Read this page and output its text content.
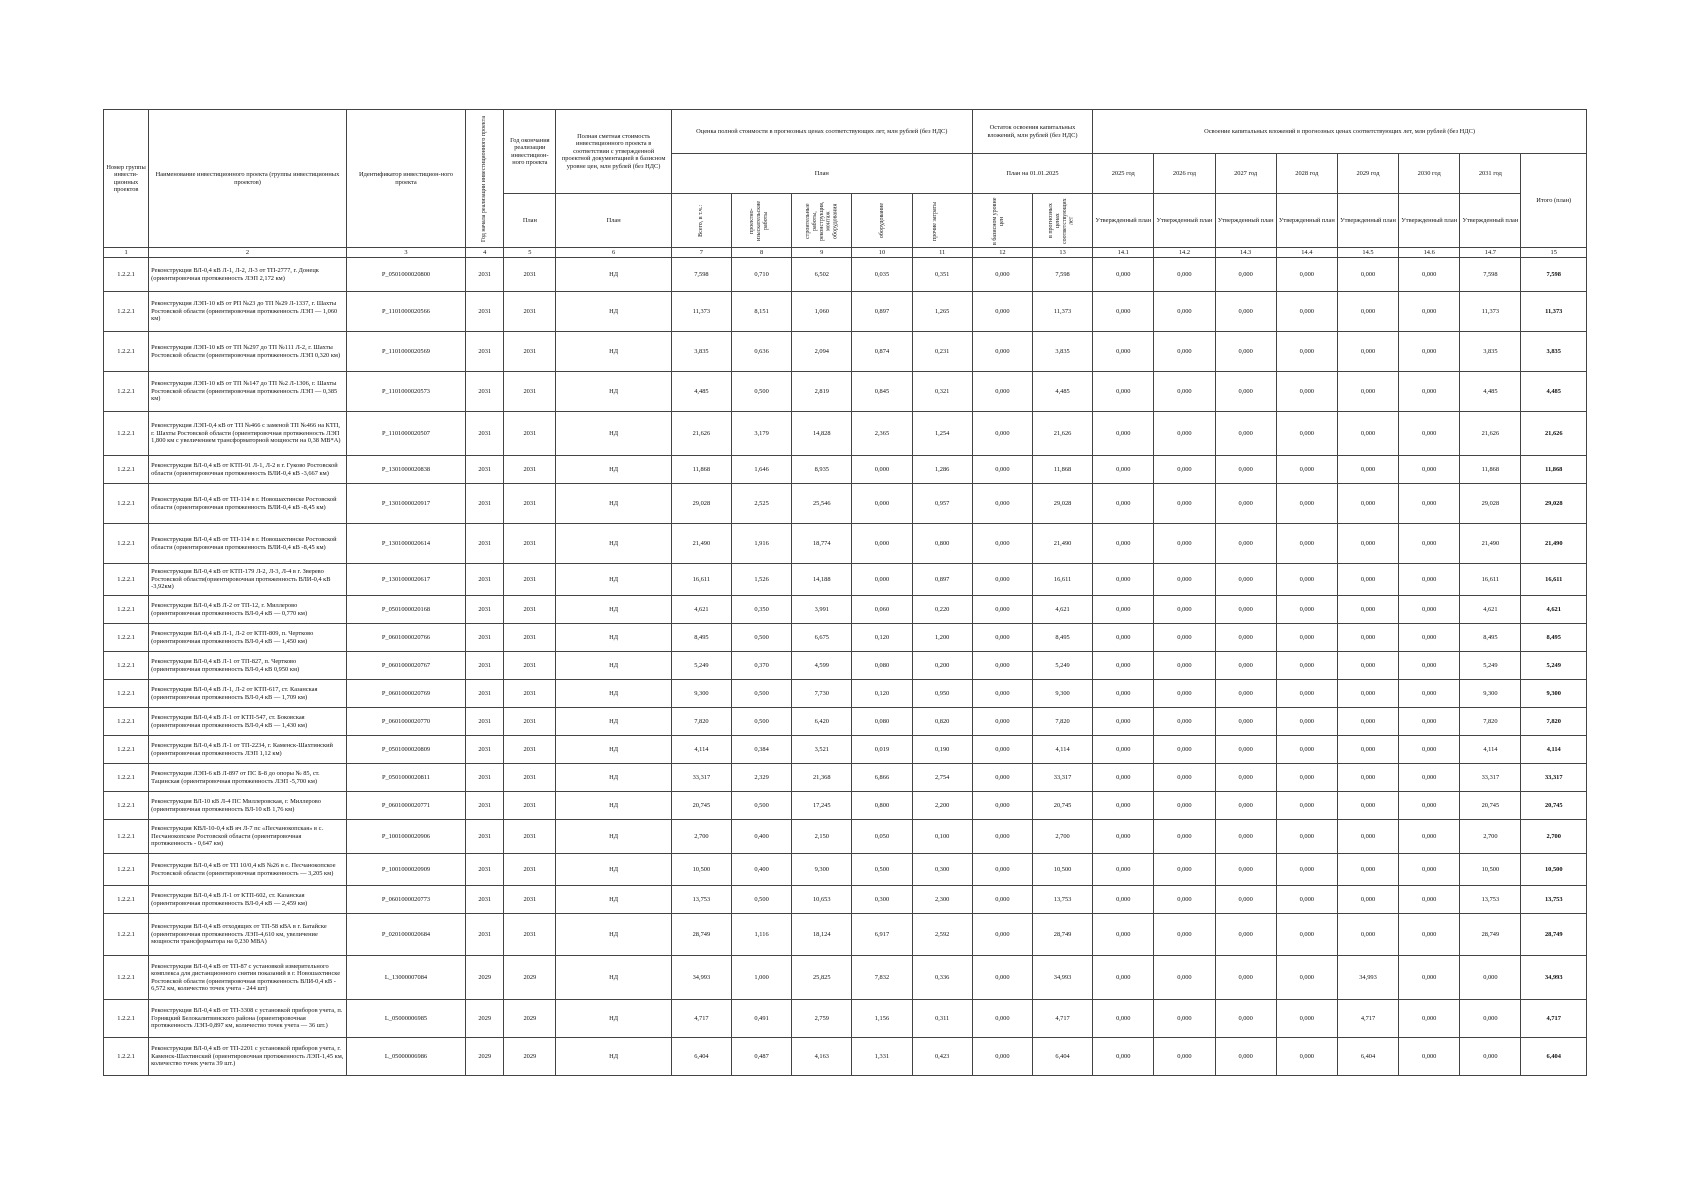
Номер группы инвести-ционных проектов	Наименование инвестиционного проекта (группы инвестиционных проектов)	Идентификатор инвестицион-ного проекта	Год начала реализации инвестиционного проекта	Год окончания реализации инвестицион-ного проекта	Полная сметная стоимость инвестиционного проекта в соответствии с утвержденной проектной документацией в базисном уровне цен, млн рублей (без НДС)	Оценка полной стоимости в прогнозных ценах соответствующих лет, млн рублей (без НДС)					Остаток освоения капитальных вложений, млн рублей (без НДС)		Освоение капитальных вложений в прогнозных ценах соответствующих лет, млн рублей (без НДС)							
						План					План на 01.01.2025		2025 год	2026 год	2027 год	2028 год	2029 год	2030 год	2031 год	Итого (план)
				План	План	Всего, в т.ч.:	проектно-изыскательские работы	строительные работы, реконструкция, монтаж оборудования	оборудование	прочие затраты	в базисном уровне цен	в прогнозных ценах соответствующих лет	Утвержденный план	Утвержденный план	Утвержденный план	Утвержденный план	Утвержденный план	Утвержденный план	Утвержденный план	
1	2	3	4	5	6	7	8	9	10	11	12	13	14.1	14.2	14.3	14.4	14.5	14.6	14.7	15
1.2.2.1	Реконструкция ВЛ-0,4 кВ Л-1, Л-2, Л-3 от ТП-2777, г. Донецк (ориентировочная протяженность ЛЭП 2,172 км)	P_0501000020800	2031	2031	НД	7,598	0,710	6,502	0,035	0,351	0,000	7,598	0,000	0,000	0,000	0,000	0,000	0,000	7,598	7,598
1.2.2.1	Реконструкция ЛЭП-10 кВ от РП №23 до ТП №29 Л-1337, г. Шахты Ростовской области (ориентировочная протяженность ЛЭП — 1,060 км)	P_1101000020566	2031	2031	НД	11,373	8,151	1,060	0,897	1,265	0,000	11,373	0,000	0,000	0,000	0,000	0,000	0,000	11,373	11,373
1.2.2.1	Реконструкция ЛЭП-10 кВ от ТП №297 до ТП №111 Л-2, г. Шахты Ростовской области (ориентировочная протяженность ЛЭП 0,320 км)	P_1101000020569	2031	2031	НД	3,835	0,636	2,094	0,874	0,231	0,000	3,835	0,000	0,000	0,000	0,000	0,000	0,000	3,835	3,835
1.2.2.1	Реконструкция ЛЭП-10 кВ от ТП №147 до ТП №2 Л-1306, г. Шахты Ростовской области (ориентировочная протяженность ЛЭП — 0,385 км)	P_1101000020573	2031	2031	НД	4,485	0,500	2,819	0,845	0,321	0,000	4,485	0,000	0,000	0,000	0,000	0,000	0,000	4,485	4,485
1.2.2.1	Реконструкция ЛЭП-0,4 кВ от ТП №466 с заменой ТП №466 на КТП, г. Шахты Ростовской области (ориентировочная протяженность ЛЭП 1,800 км с увеличением трансформаторной мощности на 0,38 МВ*А)	P_1101000020507	2031	2031	НД	21,626	3,179	14,828	2,365	1,254	0,000	21,626	0,000	0,000	0,000	0,000	0,000	0,000	21,626	21,626
1.2.2.1	Реконструкция ВЛ-0,4 кВ от КТП-91 Л-1, Л-2 в г. Гуково Ростовской области (ориентировочная протяженность ВЛИ-0,4 кВ -3,667 км)	P_1301000020838	2031	2031	НД	11,868	1,646	8,935	0,000	1,286	0,000	11,868	0,000	0,000	0,000	0,000	0,000	0,000	11,868	11,868
1.2.2.1	Реконструкция ВЛ-0,4 кВ от ТП-114 в г. Новошахтинске Ростовской области (ориентировочная протяженность ВЛИ-0,4 кВ -8,45 км)	P_1301000020917	2031	2031	НД	29,028	2,525	25,546	0,000	0,957	0,000	29,028	0,000	0,000	0,000	0,000	0,000	0,000	29,028	29,028
1.2.2.1	Реконструкция ВЛ-0,4 кВ от ТП-114 в г. Новошахтинске Ростовской области (ориентировочная протяженность ВЛИ-0,4 кВ -8,45 км)	P_1301000020614	2031	2031	НД	21,490	1,916	18,774	0,000	0,800	0,000	21,490	0,000	0,000	0,000	0,000	0,000	0,000	21,490	21,490
1.2.2.1	Реконструкция ВЛ-0,4 кВ от КТП-179 Л-2, Л-3, Л-4 в г. Зверево Ростовской области(ориентировочная протяженность ВЛИ-0,4 кВ -3,92км)	P_1301000020617	2031	2031	НД	16,611	1,526	14,188	0,000	0,897	0,000	16,611	0,000	0,000	0,000	0,000	0,000	0,000	16,611	16,611
1.2.2.1	Реконструкция ВЛ-0,4 кВ Л-2 от ТП-12, г. Миллерово (ориентировочная протяженность ВЛ-0,4 кВ — 0,770 км)	P_0501000020168	2031	2031	НД	4,621	0,350	3,991	0,060	0,220	0,000	4,621	0,000	0,000	0,000	0,000	0,000	0,000	4,621	4,621
1.2.2.1	Реконструкция ВЛ-0,4 кВ Л-1, Л-2 от КТП-809, п. Чертково (ориентировочная протяженность ВЛ-0,4 кВ — 1,450 км)	P_0601000020766	2031	2031	НД	8,495	0,500	6,675	0,120	1,200	0,000	8,495	0,000	0,000	0,000	0,000	0,000	0,000	8,495	8,495
1.2.2.1	Реконструкция ВЛ-0,4 кВ Л-1 от ТП-827, п. Чертково (ориентировочная протяженность ВЛ-0,4 кВ 0,950 км)	P_0601000020767	2031	2031	НД	5,249	0,370	4,599	0,080	0,200	0,000	5,249	0,000	0,000	0,000	0,000	0,000	0,000	5,249	5,249
1.2.2.1	Реконструкция ВЛ-0,4 кВ Л-1, Л-2 от КТП-617, ст. Казанская (ориентировочная протяженность ВЛ-0,4 кВ — 1,709 км)	P_0601000020769	2031	2031	НД	9,300	0,500	7,730	0,120	0,950	0,000	9,300	0,000	0,000	0,000	0,000	0,000	0,000	9,300	9,300
1.2.2.1	Реконструкция ВЛ-0,4 кВ Л-1 от КТП-547, ст. Боковская (ориентировочная протяженность ВЛ-0,4 кВ — 1,430 км)	P_0601000020770	2031	2031	НД	7,820	0,500	6,420	0,080	0,820	0,000	7,820	0,000	0,000	0,000	0,000	0,000	0,000	7,820	7,820
1.2.2.1	Реконструкция ВЛ-0,4 кВ Л-1 от ТП-2234, г. Каменск-Шахтинский (ориентировочная протяженность ЛЭП 1,12 км)	P_0501000020809	2031	2031	НД	4,114	0,384	3,521	0,019	0,190	0,000	4,114	0,000	0,000	0,000	0,000	0,000	0,000	4,114	4,114
1.2.2.1	Реконструкция ЛЭП-6 кВ Л-897 от ПС Б-8 до опоры № 85, ст. Тацинская (ориентировочная протяженность ЛЭП -5,700 км)	P_0501000020811	2031	2031	НД	33,317	2,329	21,368	6,866	2,754	0,000	33,317	0,000	0,000	0,000	0,000	0,000	0,000	33,317	33,317
1.2.2.1	Реконструкция ВЛ-10 кВ Л-4 ПС Миллеровская, г. Миллерово (ориентировочная протяженность ВЛ-10 кВ 1,76 км)	P_0601000020771	2031	2031	НД	20,745	0,500	17,245	0,800	2,200	0,000	20,745	0,000	0,000	0,000	0,000	0,000	0,000	20,745	20,745
1.2.2.1	Реконструкция КВЛ-10-0,4 кВ яч Л-7 пс «Песчанокопская» в с. Песчанокопское Ростовской области (ориентировочная протяженность - 0,647 км)	P_1001000020906	2031	2031	НД	2,700	0,400	2,150	0,050	0,100	0,000	2,700	0,000	0,000	0,000	0,000	0,000	0,000	2,700	2,700
1.2.2.1	Реконструкция ВЛ-0,4 кВ от ТП 10/0,4 кВ №26 в с. Песчанокопское Ростовской области (ориентировочная протяженность — 3,205 км)	P_1001000020909	2031	2031	НД	10,500	0,400	9,300	0,500	0,300	0,000	10,500	0,000	0,000	0,000	0,000	0,000	0,000	10,500	10,500
1.2.2.1	Реконструкция ВЛ-0,4 кВ Л-1 от КТП-602, ст. Казанская (ориентировочная протяженность ВЛ-0,4 кВ — 2,459 км)	P_0601000020773	2031	2031	НД	13,753	0,500	10,653	0,300	2,300	0,000	13,753	0,000	0,000	0,000	0,000	0,000	0,000	13,753	13,753
1.2.2.1	Реконструкция ВЛ-0,4 кВ отходящих от ТП-58 кВА в г. Батайске (ориентировочная протяженность ЛЭП-4,610 км, увеличение мощности трансформатора на 0,230 МВА)	P_0201000020684	2031	2031	НД	28,749	1,116	18,124	6,917	2,592	0,000	28,749	0,000	0,000	0,000	0,000	0,000	0,000	28,749	28,749
1.2.2.1	Реконструкция ВЛ-0,4 кВ от ТП-87 с установкой измерительного комплекса для дистанционного снятия показаний в г. Новошахтинске Ростовской области (ориентировочная протяженность ВЛИ-0,4 кВ - 6,572 км, количество точек учета - 244 шт)	L_13000007084	2029	2029	НД	34,993	1,000	25,825	7,832	0,336	0,000	34,993	0,000	0,000	0,000	0,000	34,993	0,000	0,000	34,993
1.2.2.1	Реконструкция ВЛ-0,4 кВ от ТП-3308 с установкой приборов учета, п. Горняцкий Белокалитвинского района (ориентировочная протяженность ЛЭП-0,897 км, количество точек учета — 36 шт.)	L_05000006985	2029	2029	НД	4,717	0,491	2,759	1,156	0,311	0,000	4,717	0,000	0,000	0,000	0,000	4,717	0,000	0,000	4,717
1.2.2.1	Реконструкция ВЛ-0,4 кВ от ТП-2201 с установкой приборов учета, г. Каменск-Шахтинский (ориентировочная протяженность ЛЭП-1,45 км, количество точек учета 39 шт.)	L_05000006986	2029	2029	НД	6,404	0,487	4,163	1,331	0,423	0,000	6,404	0,000	0,000	0,000	0,000	6,404	0,000	0,000	6,404
